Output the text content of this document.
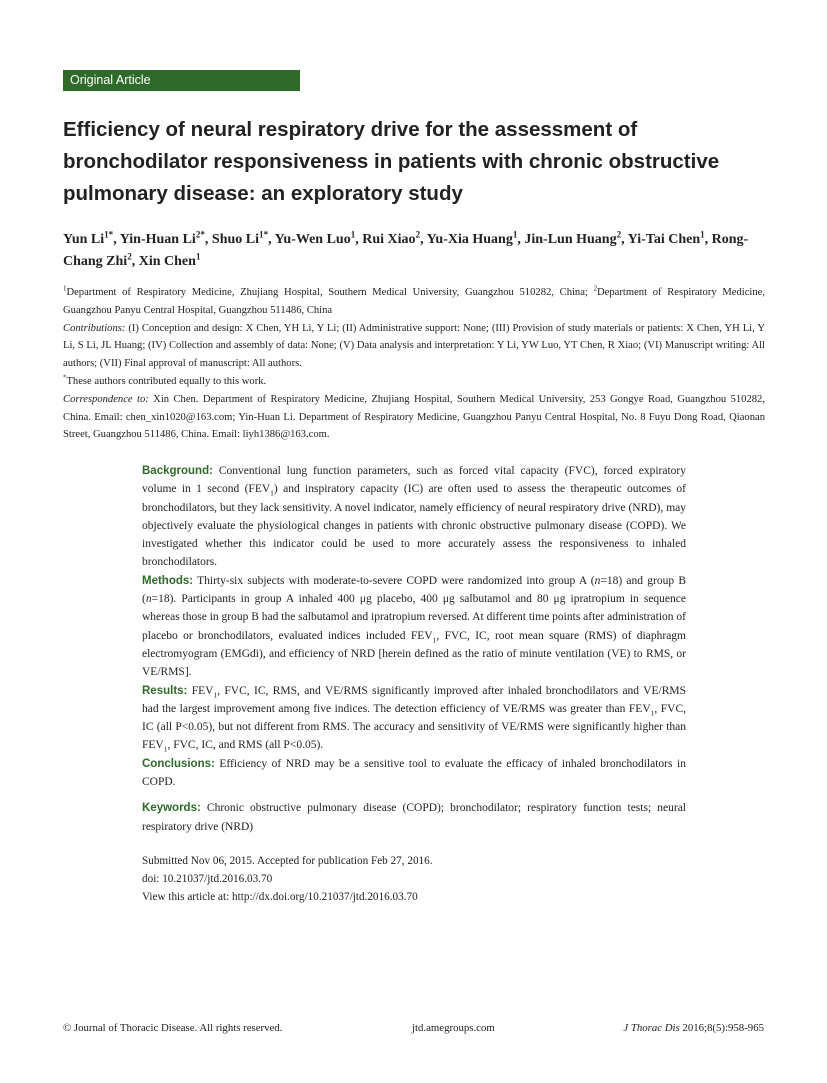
Original Article
Efficiency of neural respiratory drive for the assessment of bronchodilator responsiveness in patients with chronic obstructive pulmonary disease: an exploratory study
Yun $Li^{1*}$, Yin-Huan $Li^{2*}$, Shuo $Li^{1*}$, Yu-Wen Luo$^1$, Rui Xiao$^2$, Yu-Xia Huang$^1$, Jin-Lun Huang$^2$, Yi-Tai Chen$^1$, Rong-Chang Zhi$^2$, Xin Chen$^1$

$^1$Department of Respiratory Medicine, Zhujiang Hospital, Southern Medical University, Guangzhou 510282, China; $^2$Department of Respiratory Medicine, Guangzhou Panyu Central Hospital, Guangzhou 511486, China

Contributions: (I) Conception and design: X Chen, YH Li, Y Li; (II) Administrative support: None; (III) Provision of study materials or patients: X Chen, YH Li, Y Li, S Li, JL Huang; (IV) Collection and assembly of data: None; (V) Data analysis and interpretation: Y Li, YW Luo, YT Chen, R Xiao; (VI) Manuscript writing: All authors; (VII) Final approval of manuscript: All authors.

*These authors contributed equally to this work.

Correspondence to: Xin Chen. Department of Respiratory Medicine, Zhujiang Hospital, Southern Medical University, 253 Gongye Road, Guangzhou 510282, China. Email: chen_xin1020@163.com; Yin-Huan Li. Department of Respiratory Medicine, Guangzhou Panyu Central Hospital, No. 8 Fuyu Dong Road, Qiaonan Street, Guangzhou 511486, China. Email: liyh1386@163.com.

Background: Conventional lung function parameters, such as forced vital capacity (FVC), forced expiratory volume in 1 second $(FEV_1)$ and inspiratory capacity (IC) are often used to assess the therapeutic outcomes of bronchodilators, but they lack sensitivity. A novel indicator, namely efficiency of neural respiratory drive (NRD), may objectively evaluate the physiological changes in patients with chronic obstructive pulmonary disease (COPD). We investigated whether this indicator could be used to more accurately assess the responsiveness to inhaled bronchodilators.

Methods: Thirty-six subjects with moderate-to-severe COPD were randomized into group A (n=18) and group B (n=18). Participants in group A inhaled 400 μg placebo, 400 μg salbutamol and 80 μg ipratropium in sequence whereas those in group B had the salbutamol and ipratropium reversed. At different time points after administration of placebo or bronchodilators, evaluated indices included $FEV_1$, FVC, IC, root mean square (RMS) of diaphragm electromyogram (EMGdi), and efficiency of NRD [herein defined as the ratio of minute ventilation (VE) to RMS, or VE/RMS].

Results: $FEV_1$, FVC, IC, RMS, and VE/RMS significantly improved after inhaled bronchodilators and VE/RMS had the largest improvement among five indices. The detection efficiency of VE/RMS was greater than $FEV_1$, FVC, IC (all P<0.05), but not different from RMS. The accuracy and sensitivity of VE/RMS were significantly higher than $FEV_1$, FVC, IC, and RMS (all P<0.05).

Conclusions: Efficiency of NRD may be a sensitive tool to evaluate the efficacy of inhaled bronchodilators in COPD.

Keywords: Chronic obstructive pulmonary disease (COPD); bronchodilator; respiratory function tests; neural respiratory drive (NRD)

Submitted Nov 06, 2015. Accepted for publication Feb 27, 2016.
doi: 10.21037/jtd.2016.03.70
View this article at: http://dx.doi.org/10.21037/jtd.2016.03.70
© Journal of Thoracic Disease. All rights reserved.	jtd.amegroups.com	J Thorac Dis 2016;8(5):958-965
